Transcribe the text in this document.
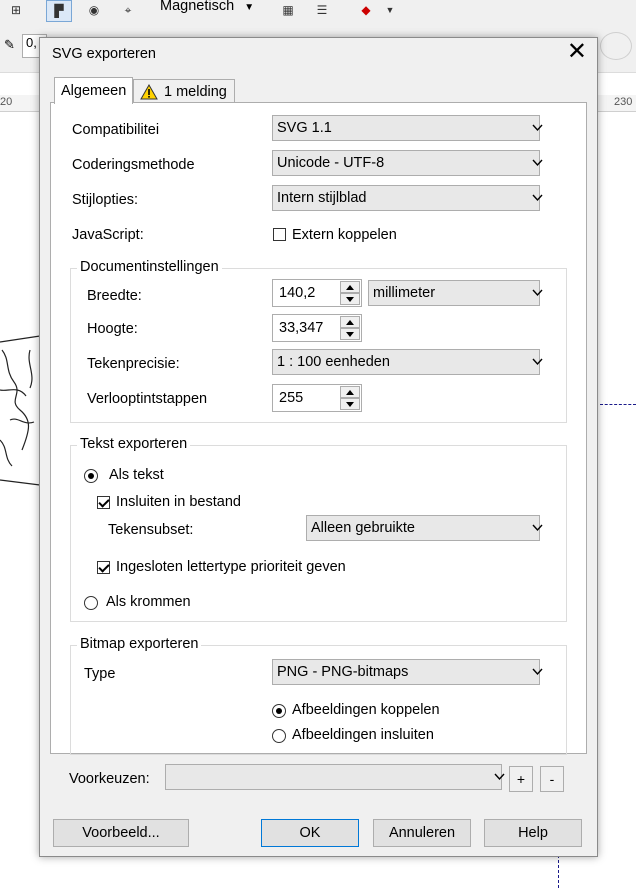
⊞	▛	◉	⌖	Magnetisch ▼	▦	☰	◆	▼
✎ 0,
20	230
SVG exporteren	✕
Algemeen	1 melding
Compatibilitei	SVG 1.1
Coderingsmethode	Unicode - UTF-8
Stijlopties:	Intern stijlblad
JavaScript:	Extern koppelen
Documentinstellingen
Breedte:	140,2	millimeter
Hoogte:	33,347
Tekenprecisie:	1 : 100 eenheden
Verlooptintstappen	255
Tekst exporteren
Als tekst
Insluiten in bestand
Tekensubset:	Alleen gebruikte
Ingesloten lettertype prioriteit geven
Als krommen
Bitmap exporteren
Type	PNG - PNG-bitmaps
Afbeeldingen koppelen
Afbeeldingen insluiten
Voorkeuzen:	+	-
Voorbeeld...	OK	Annuleren	Help
